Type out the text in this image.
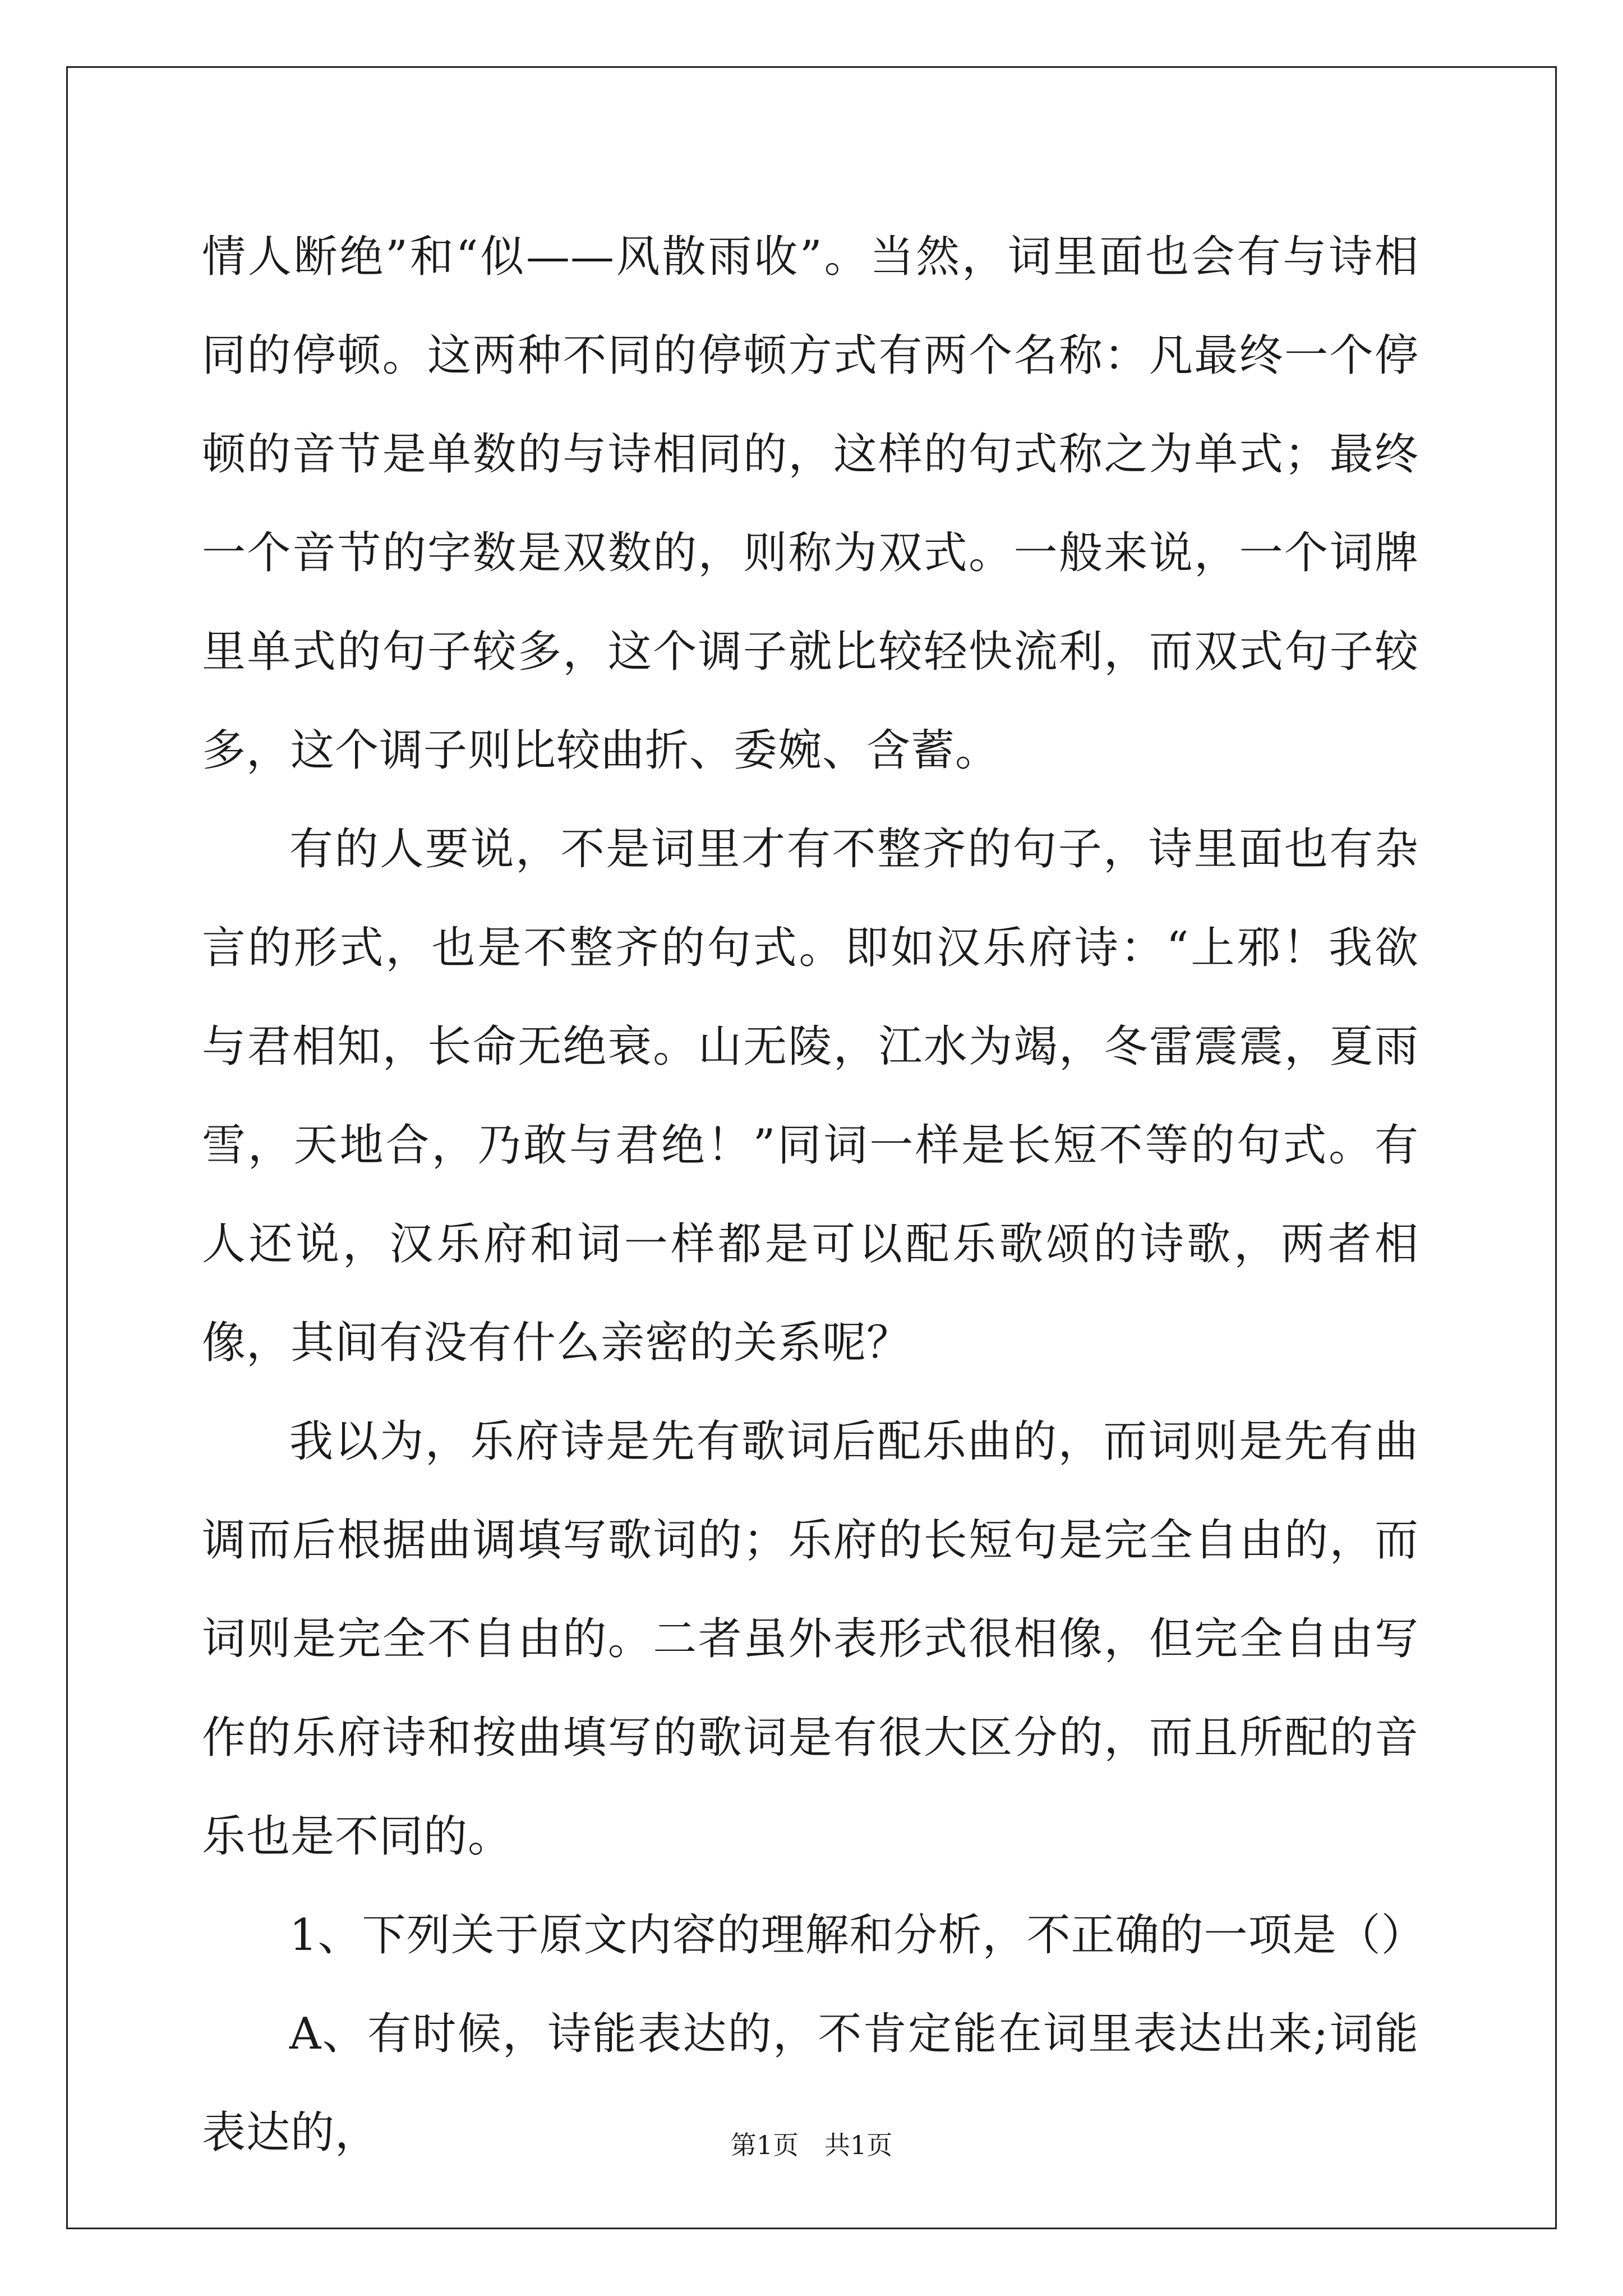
情人断绝”和“似——风散雨收”。当然，词里面也会有与诗相同的停顿。这两种不同的停顿方式有两个名称：凡最终一个停顿的音节是单数的与诗相同的，这样的句式称之为单式；最终一个音节的字数是双数的，则称为双式。一般来说，一个词牌里单式的句子较多，这个调子就比较轻快流利，而双式句子较多，这个调子则比较曲折、委婉、含蓄。

有的人要说，不是词里才有不整齐的句子，诗里面也有杂言的形式，也是不整齐的句式。即如汉乐府诗：“上邪！我欲与君相知，长命无绝衰。山无陵，江水为竭，冬雷震震，夏雨雪，天地合，乃敢与君绝！”同词一样是长短不等的句式。有人还说，汉乐府和词一样都是可以配乐歌颂的诗歌，两者相像，其间有没有什么亲密的关系呢？

我以为，乐府诗是先有歌词后配乐曲的，而词则是先有曲调而后根据曲调填写歌词的；乐府的长短句是完全自由的，而词则是完全不自由的。二者虽外表形式很相像，但完全自由写作的乐府诗和按曲填写的歌词是有很大区分的，而且所配的音乐也是不同的。

1、下列关于原文内容的理解和分析，不正确的一项是（）

A、有时候，诗能表达的，不肯定能在词里表达出来;词能表达的，	第1页　共1页
